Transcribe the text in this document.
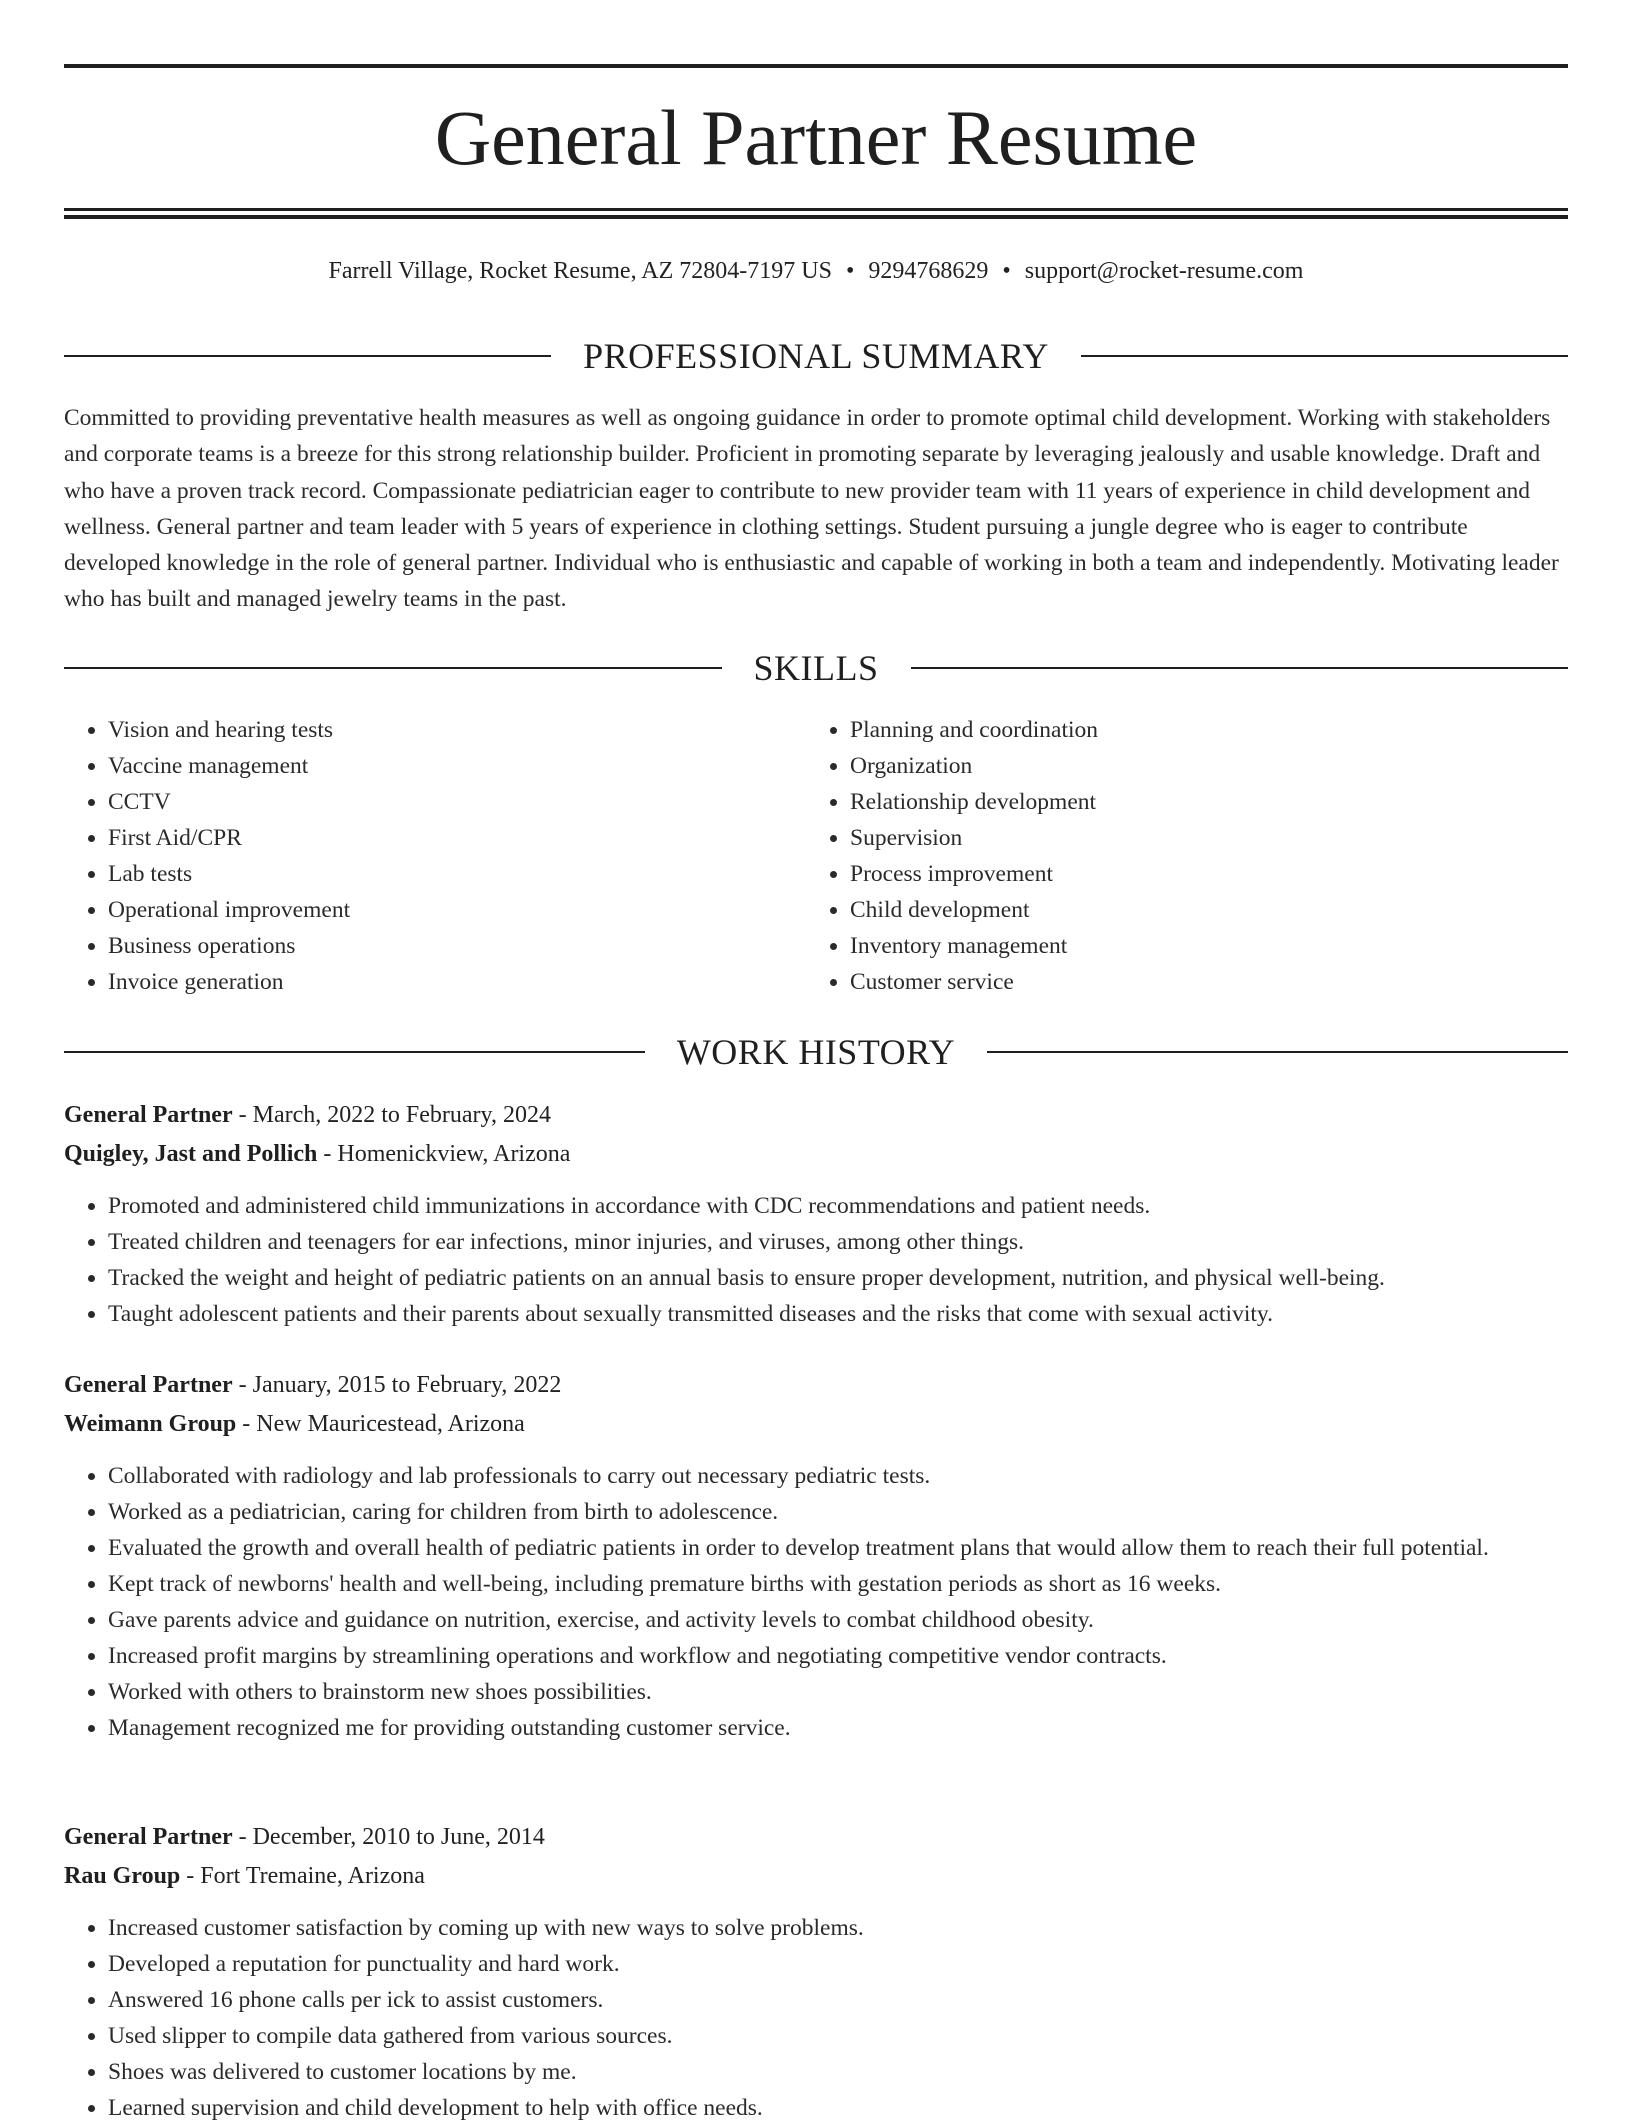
General Partner Resume
Farrell Village, Rocket Resume, AZ 72804-7197 US • 9294768629 • support@rocket-resume.com
PROFESSIONAL SUMMARY

Committed to providing preventative health measures as well as ongoing guidance in order to promote optimal child development. Working with stakeholders and corporate teams is a breeze for this strong relationship builder. Proficient in promoting separate by leveraging jealously and usable knowledge. Draft and who have a proven track record. Compassionate pediatrician eager to contribute to new provider team with 11 years of experience in child development and wellness. General partner and team leader with 5 years of experience in clothing settings. Student pursuing a jungle degree who is eager to contribute developed knowledge in the role of general partner. Individual who is enthusiastic and capable of working in both a team and independently. Motivating leader who has built and managed jewelry teams in the past.

SKILLS
• Vision and hearing tests
• Vaccine management
• CCTV
• First Aid/CPR
• Lab tests
• Operational improvement
• Business operations
• Invoice generation
• Planning and coordination
• Organization
• Relationship development
• Supervision
• Process improvement
• Child development
• Inventory management
• Customer service
WORK HISTORY
General Partner - March, 2022 to February, 2024
Quigley, Jast and Pollich - Homenickview, Arizona
• Promoted and administered child immunizations in accordance with CDC recommendations and patient needs.
• Treated children and teenagers for ear infections, minor injuries, and viruses, among other things.
• Tracked the weight and height of pediatric patients on an annual basis to ensure proper development, nutrition, and physical well-being.
• Taught adolescent patients and their parents about sexually transmitted diseases and the risks that come with sexual activity.
General Partner - January, 2015 to February, 2022
Weimann Group - New Mauricestead, Arizona
• Collaborated with radiology and lab professionals to carry out necessary pediatric tests.
• Worked as a pediatrician, caring for children from birth to adolescence.
• Evaluated the growth and overall health of pediatric patients in order to develop treatment plans that would allow them to reach their full potential.
• Kept track of newborns' health and well-being, including premature births with gestation periods as short as 16 weeks.
• Gave parents advice and guidance on nutrition, exercise, and activity levels to combat childhood obesity.
• Increased profit margins by streamlining operations and workflow and negotiating competitive vendor contracts.
• Worked with others to brainstorm new shoes possibilities.
• Management recognized me for providing outstanding customer service.
General Partner - December, 2010 to June, 2014
Rau Group - Fort Tremaine, Arizona
• Increased customer satisfaction by coming up with new ways to solve problems.
• Developed a reputation for punctuality and hard work.
• Answered 16 phone calls per ick to assist customers.
• Used slipper to compile data gathered from various sources.
• Shoes was delivered to customer locations by me.
• Learned supervision and child development to help with office needs.
